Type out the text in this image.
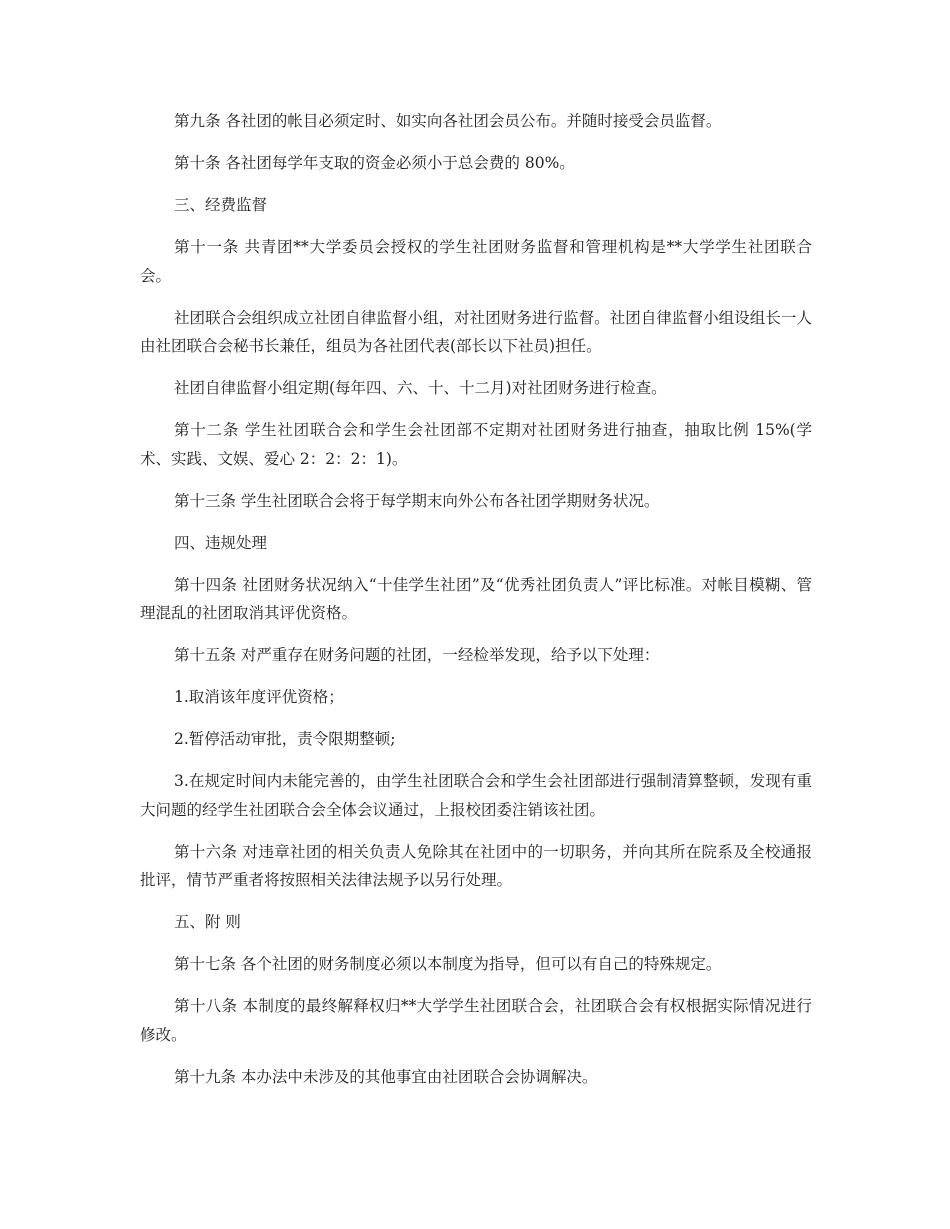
第九条 各社团的帐目必须定时、如实向各社团会员公布。并随时接受会员监督。

第十条 各社团每学年支取的资金必须小于总会费的 80%。

三、经费监督

第十一条 共青团**大学委员会授权的学生社团财务监督和管理机构是**大学学生社团联合会。

社团联合会组织成立社团自律监督小组，对社团财务进行监督。社团自律监督小组设组长一人由社团联合会秘书长兼任，组员为各社团代表(部长以下社员)担任。

社团自律监督小组定期(每年四、六、十、十二月)对社团财务进行检查。

第十二条 学生社团联合会和学生会社团部不定期对社团财务进行抽查，抽取比例 15%(学术、实践、文娱、爱心 2：2：2：1)。

第十三条 学生社团联合会将于每学期末向外公布各社团学期财务状况。

四、违规处理

第十四条 社团财务状况纳入“十佳学生社团”及“优秀社团负责人”评比标准。对帐目模糊、管理混乱的社团取消其评优资格。

第十五条 对严重存在财务问题的社团，一经检举发现，给予以下处理：

1.取消该年度评优资格；

2.暂停活动审批，责令限期整顿;

3.在规定时间内未能完善的，由学生社团联合会和学生会社团部进行强制清算整顿，发现有重大问题的经学生社团联合会全体会议通过，上报校团委注销该社团。

第十六条 对违章社团的相关负责人免除其在社团中的一切职务，并向其所在院系及全校通报批评，情节严重者将按照相关法律法规予以另行处理。

五、附 则

第十七条 各个社团的财务制度必须以本制度为指导，但可以有自己的特殊规定。

第十八条 本制度的最终解释权归**大学学生社团联合会，社团联合会有权根据实际情况进行修改。

第十九条 本办法中未涉及的其他事宜由社团联合会协调解决。
